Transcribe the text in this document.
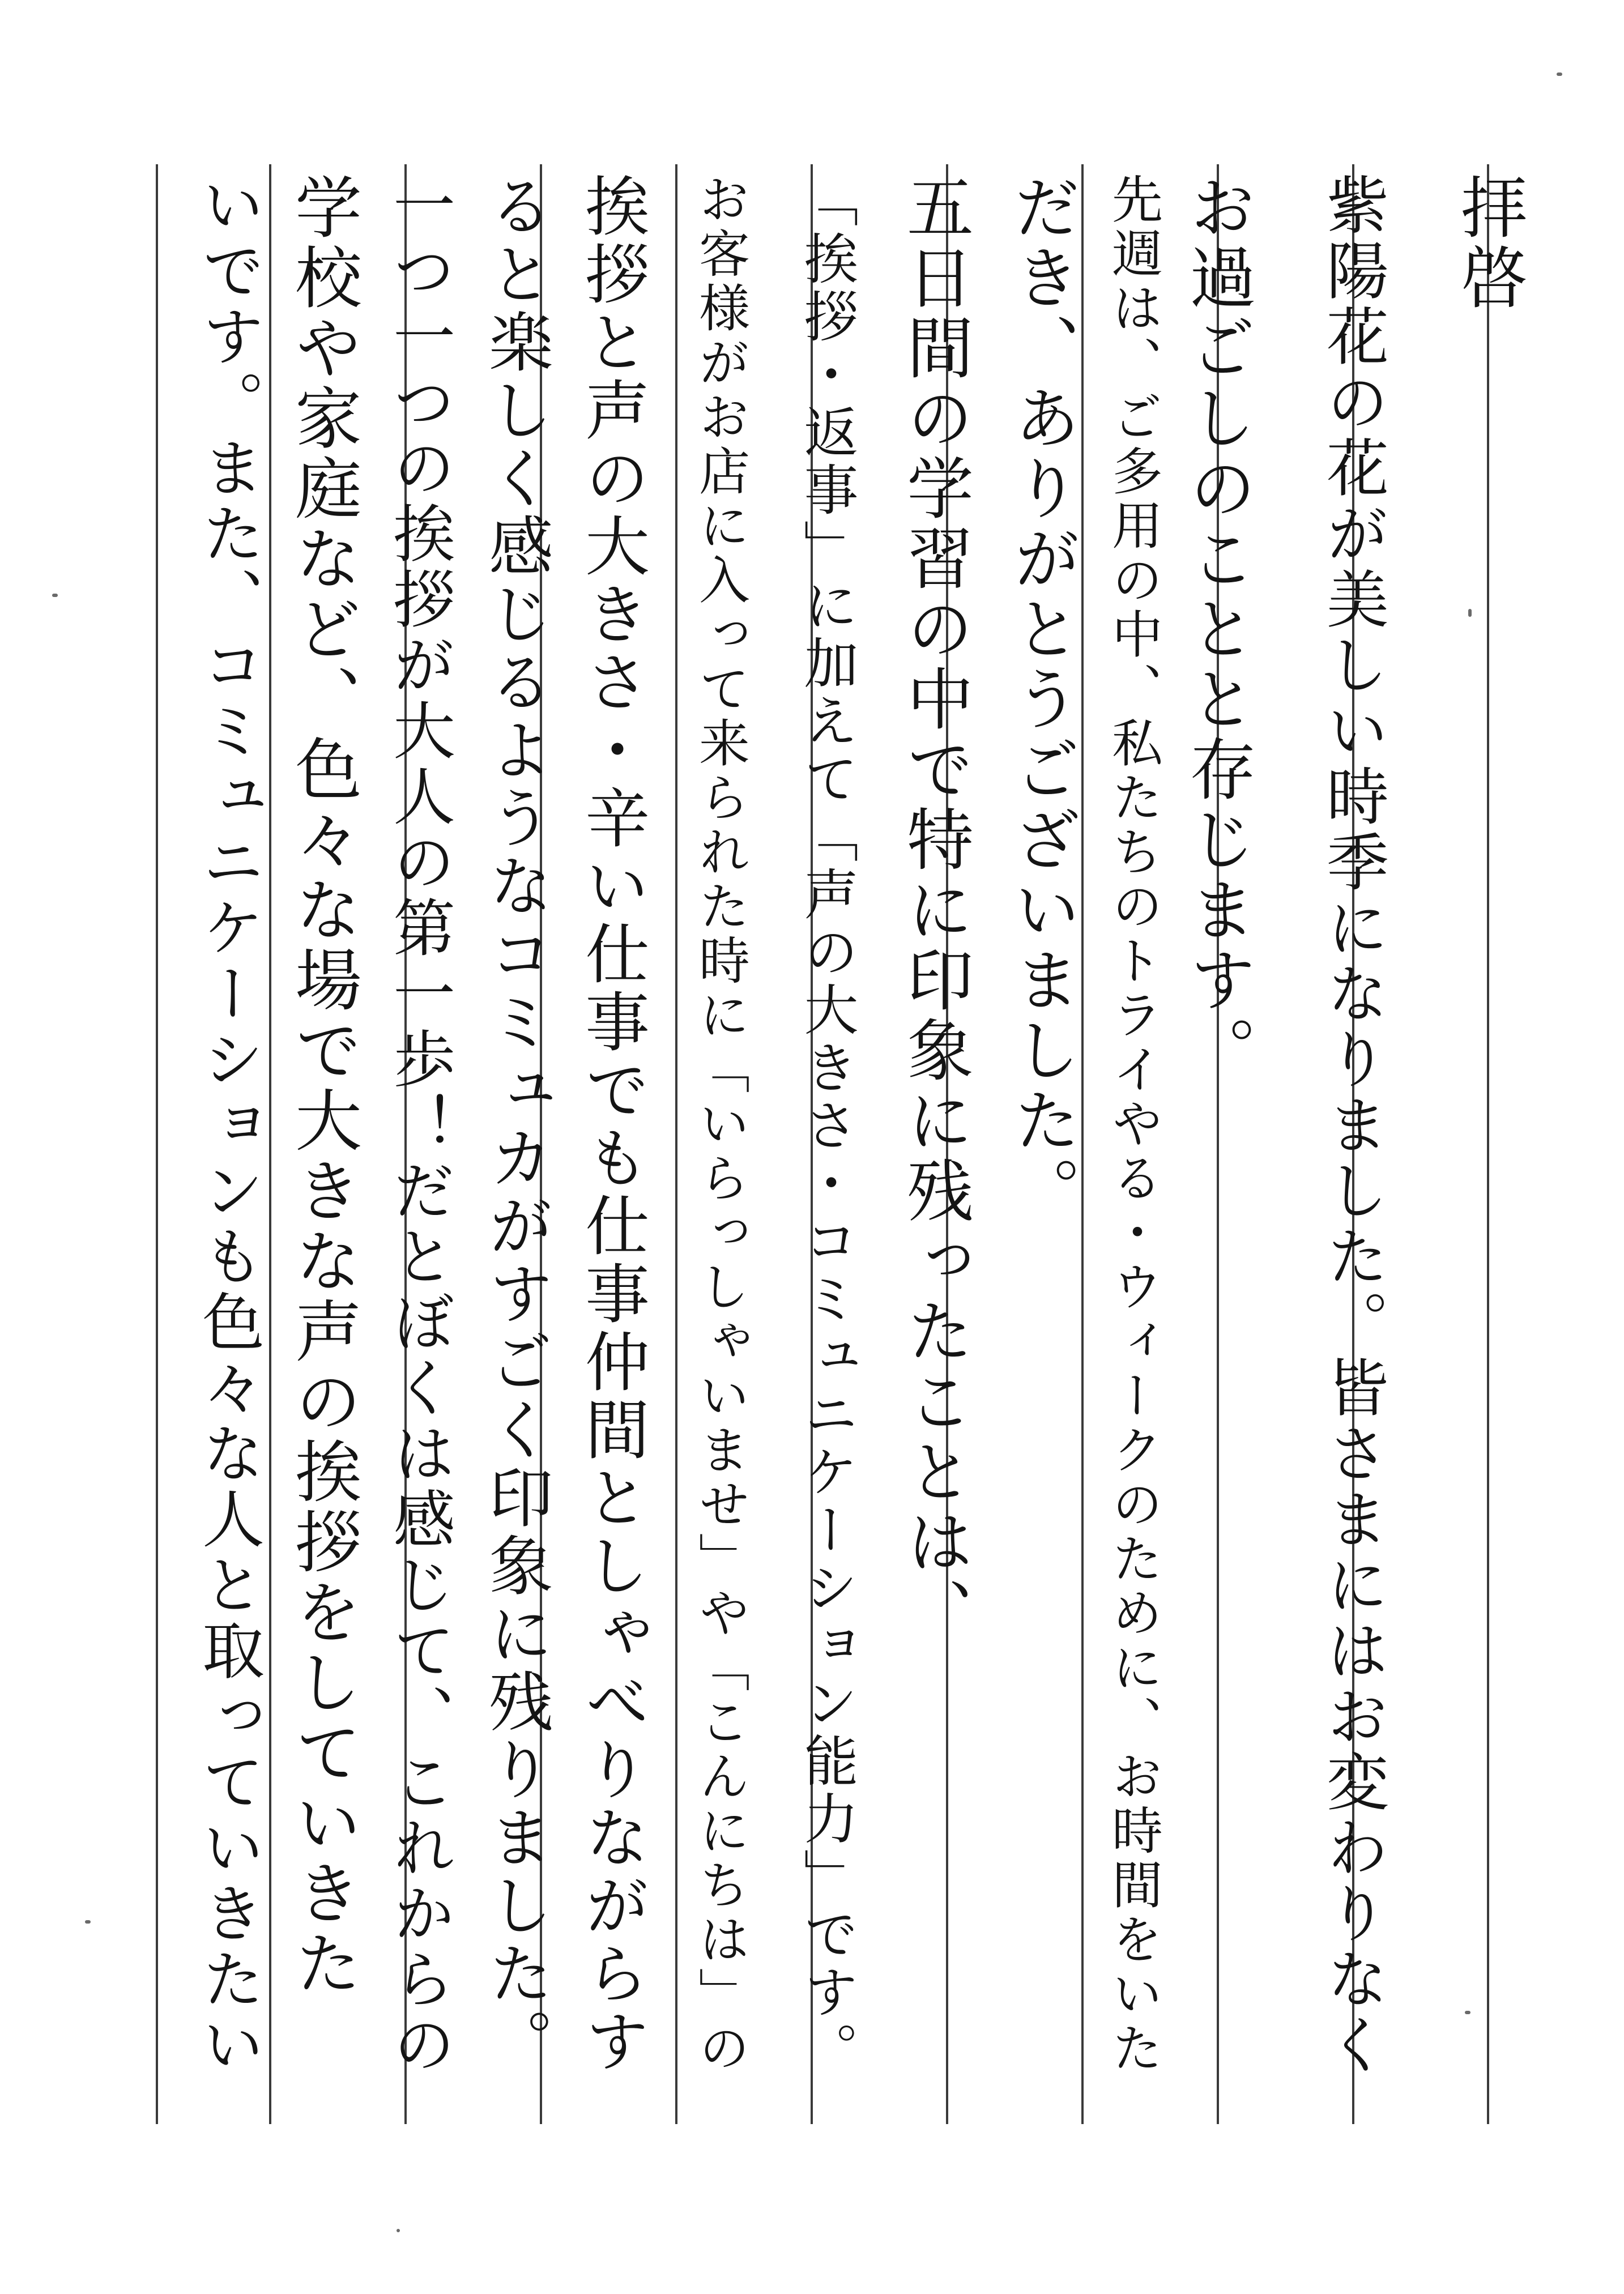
拝啓
紫陽花の花が美しい時季になりました。皆さまにはお変わりなく
お過ごしのことと存じます。
先週は、ご多用の中、私たちのトライやる・ウィークのために、お時間をいた
だき、ありがとうございました。
五日間の学習の中で特に印象に残ったことは、
「挨拶・返事」に加えて「声の大きさ・コミュニケーション能力」です。
お客様がお店に入って来られた時に「いらっしゃいませ」や「こんにちは」の
挨拶と声の大きさ・辛い仕事でも仕事仲間としゃべりながらす
ると楽しく感じるようなコミュカがすごく印象に残りました。
一つ一つの挨拶が大人の第一歩！だとぼくは感じて、これからの
学校や家庭など、色々な場で大きな声の挨拶をしていきた
いです。また、コミュニケーションも色々な人と取っていきたい
